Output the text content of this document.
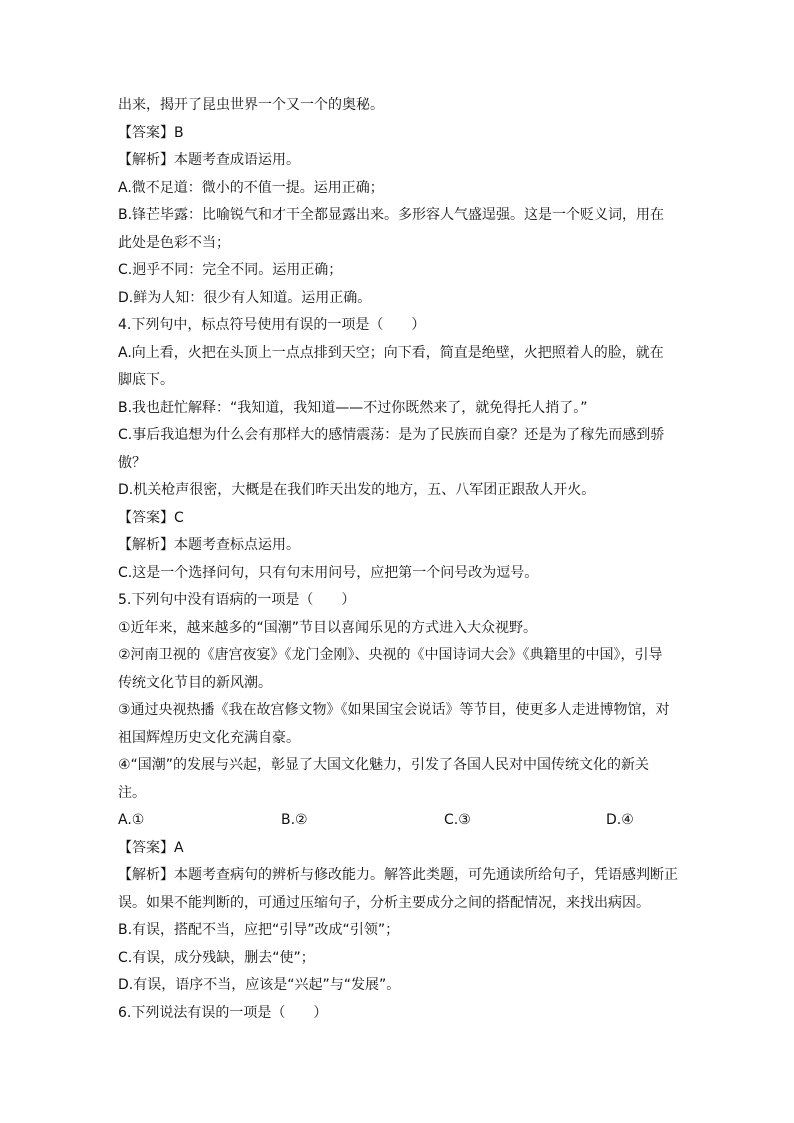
出来，揭开了昆虫世界一个又一个的奥秘。
【答案】B
【解析】本题考查成语运用。
A.微不足道：微小的不值一提。运用正确；
B.锋芒毕露：比喻锐气和才干全都显露出来。多形容人气盛逞强。这是一个贬义词，用在
此处是色彩不当；
C.迥乎不同：完全不同。运用正确；
D.鲜为人知：很少有人知道。运用正确。
4.下列句中，标点符号使用有误的一项是（　　）
A.向上看，火把在头顶上一点点排到天空；向下看，简直是绝壁，火把照着人的脸，就在
脚底下。
B.我也赶忙解释：“我知道，我知道——不过你既然来了，就免得托人捎了。”
C.事后我追想为什么会有那样大的感情震荡：是为了民族而自豪？还是为了稼先而感到骄
傲？
D.机关枪声很密，大概是在我们昨天出发的地方，五、八军团正跟敌人开火。
【答案】C
【解析】本题考查标点运用。
C.这是一个选择问句，只有句末用问号，应把第一个问号改为逗号。
5.下列句中没有语病的一项是（　　）
①近年来，越来越多的“国潮”节目以喜闻乐见的方式进入大众视野。
②河南卫视的《唐宫夜宴》《龙门金刚》、央视的《中国诗词大会》《典籍里的中国》，引导
传统文化节目的新风潮。
③通过央视热播《我在故宫修文物》《如果国宝会说话》等节目，使更多人走进博物馆，对
祖国辉煌历史文化充满自豪。
④“国潮”的发展与兴起，彰显了大国文化魅力，引发了各国人民对中国传统文化的新关
注。
A.①	B.②	C.③	D.④
【答案】A
【解析】本题考查病句的辨析与修改能力。解答此类题，可先通读所给句子，凭语感判断正
误。如果不能判断的，可通过压缩句子，分析主要成分之间的搭配情况，来找出病因。
B.有误，搭配不当，应把“引导”改成“引领”；
C.有误，成分残缺，删去“使”；
D.有误，语序不当，应该是“兴起”与“发展”。
6.下列说法有误的一项是（　　）
